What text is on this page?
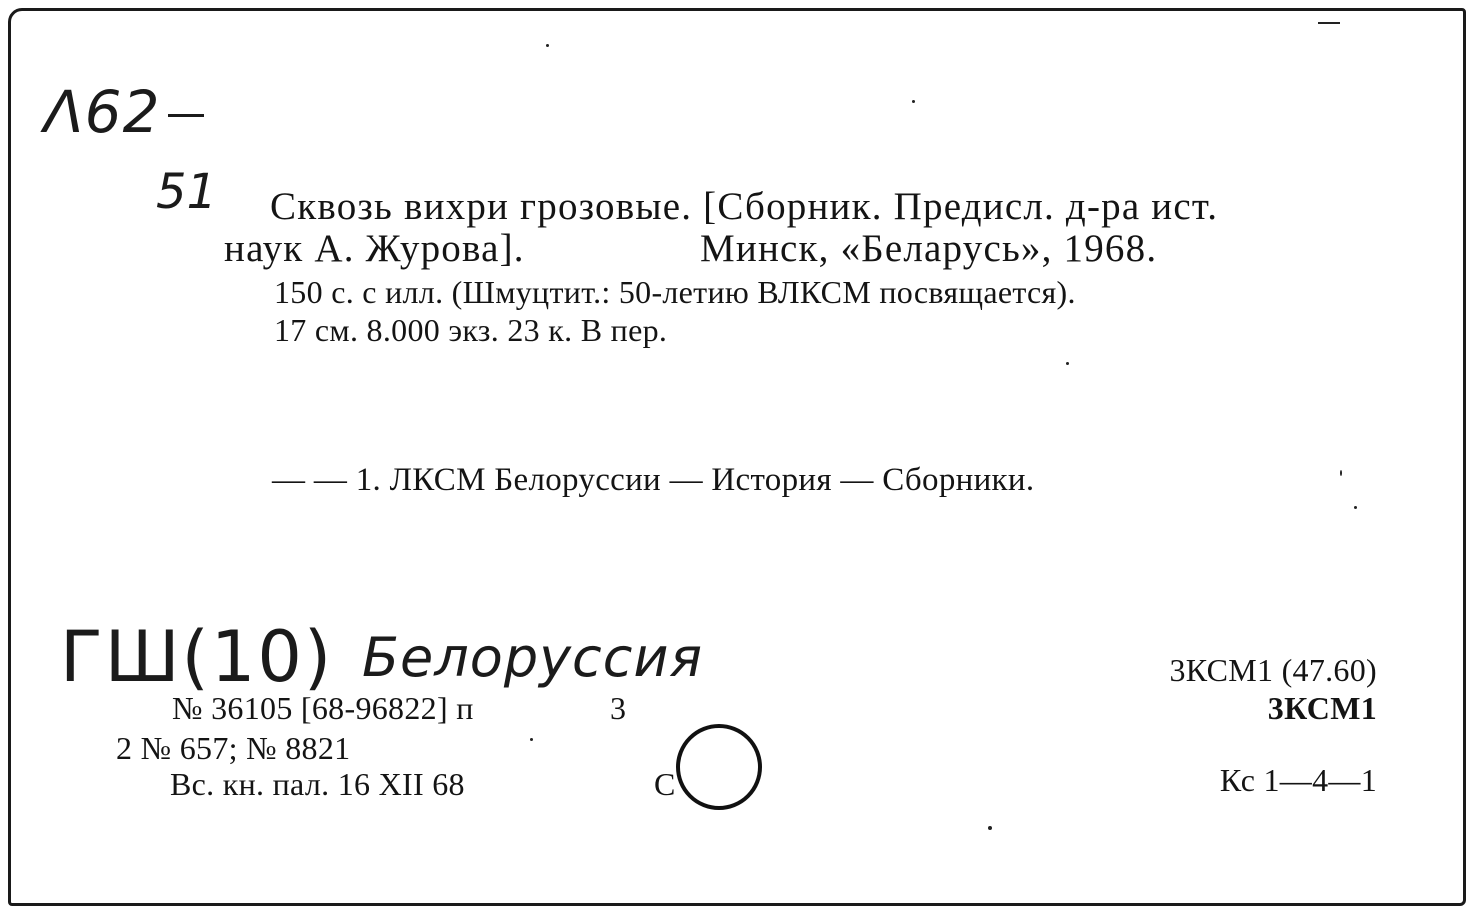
Λ62
51 Сквозь вихри грозовые. [Сборник. Предисл. д-ра ист.
наук А. Журова].	Минск, «Беларусь», 1968.
150 с. с илл. (Шмуцтит.: 50-летию ВЛКСМ посвящается).
17 см. 8.000 экз. 23 к. В пер.
— — 1. ЛКСМ Белоруссии — История — Сборники.
ГШ(10) Белоруссия
№ 36105 [68-96822] п	3
2 № 657; № 8821
Вс. кн. пал. 16 XII 68	С
3КСМ1 (47.60)
3КСМ1
Кс 1—4—1
